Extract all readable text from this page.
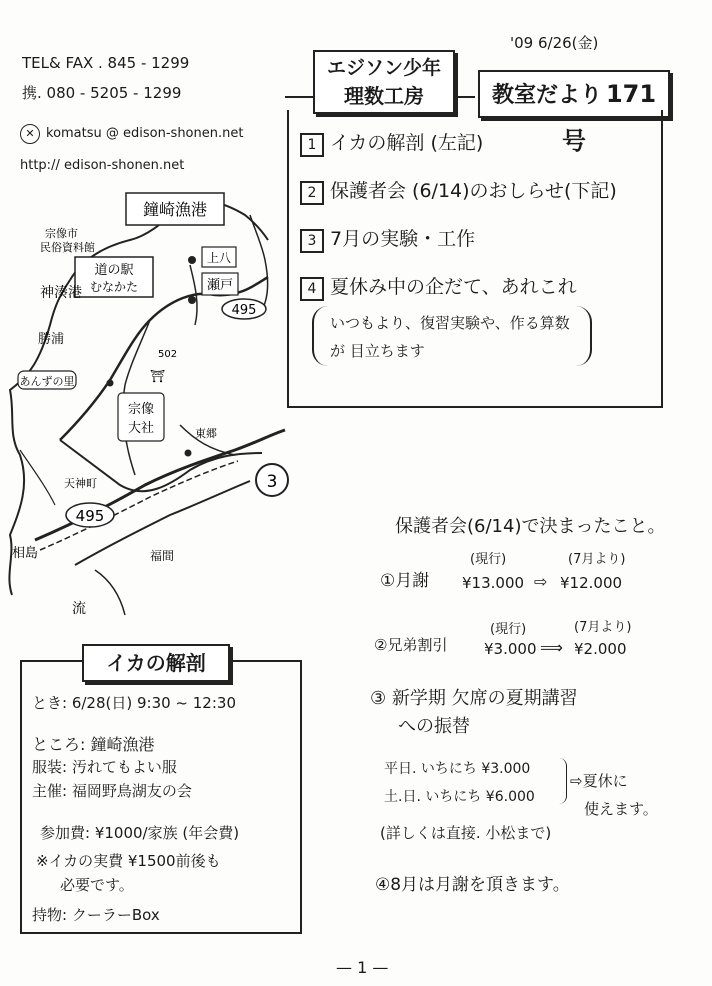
TEL& FAX . 845 - 1299
携. 080 - 5205 - 1299
✕ komatsu @ edison-shonen.net
http:// edison-shonen.net
'09 6/26(金)
エジソン少年
理数工房	教室だより 171号
1 イカの解剖 (左記)
2 保護者会 (6/14)のおしらせ(下記)
3 7月の実験・工作
4 夏休み中の企だて、あれこれ
いつもより、復習実験や、作る算数
が 目立ちます
鐘崎漁港
宗像市
民俗資料館
道の駅
むなかた
神湊港
上八
瀬戸
495
502
勝浦
あんずの里	⛩
宗像
大社	東郷
天神町
495
3
相島	福間
流
イカの解剖
とき: 6/28(日) 9:30 ~ 12:30
ところ: 鐘崎漁港
服装: 汚れてもよい服
主催: 福岡野鳥湖友の会
参加費: ¥1000/家族 (年会費)
※イカの実費 ¥1500前後も
必要です。
持物: クーラーBox
保護者会(6/14)で決まったこと。
(現行)	(7月より)
①月謝 ¥13.000 ⇨ ¥12.000
(現行)	(7月より)
②兄弟割引 ¥3.000 ⟹ ¥2.000
③ 新学期 欠席の夏期講習
への振替
平日. いちにち ¥3.000
土.日. いちにち ¥6.000
⇨夏休に
使えます。
(詳しくは直接. 小松まで)
④8月は月謝を頂きます。
— 1 —
